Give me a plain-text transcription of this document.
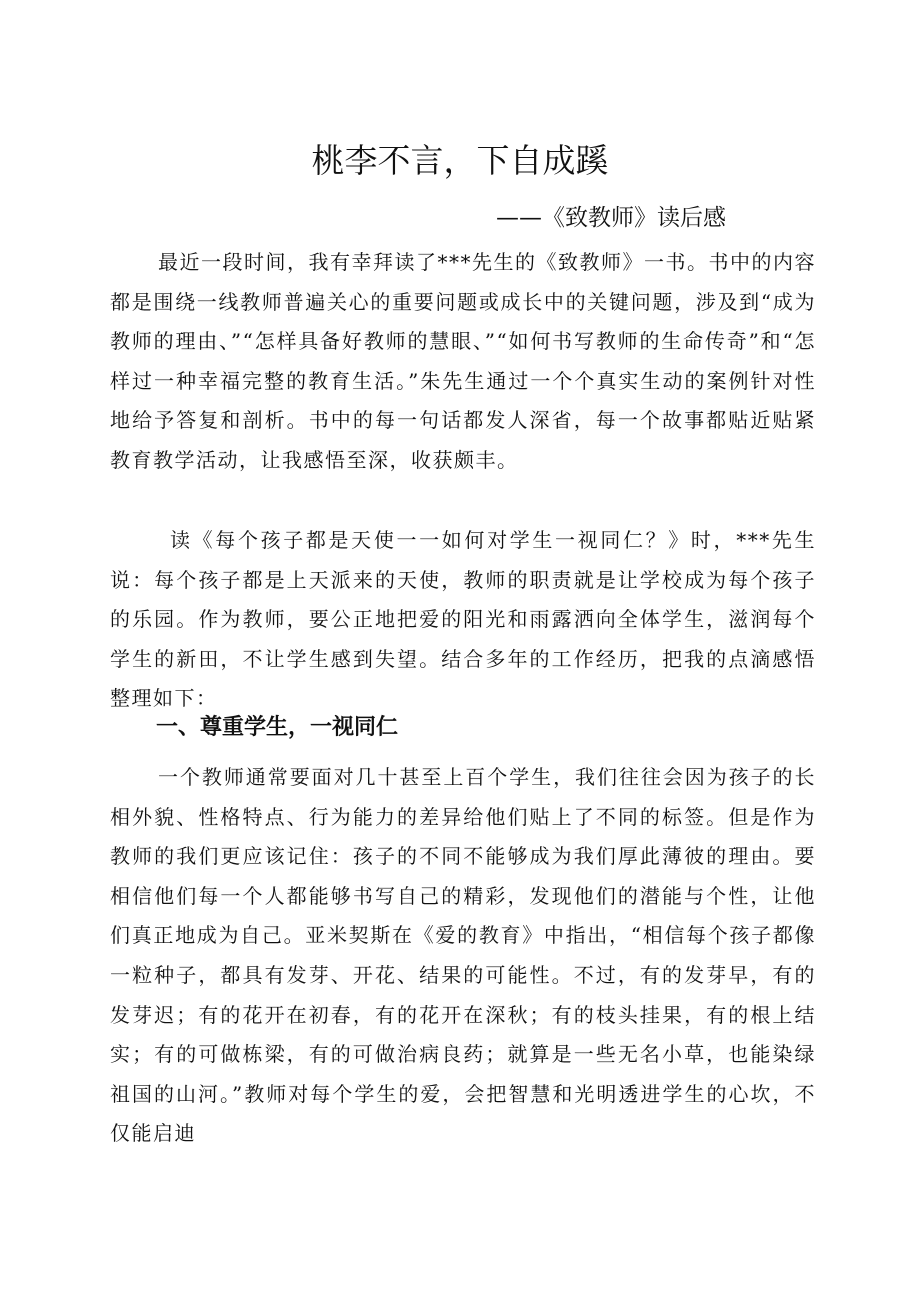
桃李不言，下自成蹊

——《致教师》读后感

最近一段时间，我有幸拜读了***先生的《致教师》一书。书中的内容都是围绕一线教师普遍关心的重要问题或成长中的关键问题，涉及到“成为教师的理由、”“怎样具备好教师的慧眼、”“如何书写教师的生命传奇”和“怎样过一种幸福完整的教育生活。”朱先生通过一个个真实生动的案例针对性地给予答复和剖析。书中的每一句话都发人深省，每一个故事都贴近贴紧教育教学活动，让我感悟至深，收获颇丰。

读《每个孩子都是天使一一如何对学生一视同仁？》时，***先生说：每个孩子都是上天派来的天使，教师的职责就是让学校成为每个孩子的乐园。作为教师，要公正地把爱的阳光和雨露洒向全体学生，滋润每个学生的新田，不让学生感到失望。结合多年的工作经历，把我的点滴感悟整理如下：

一、尊重学生，一视同仁

一个教师通常要面对几十甚至上百个学生，我们往往会因为孩子的长相外貌、性格特点、行为能力的差异给他们贴上了不同的标签。但是作为教师的我们更应该记住：孩子的不同不能够成为我们厚此薄彼的理由。要相信他们每一个人都能够书写自己的精彩，发现他们的潜能与个性，让他们真正地成为自己。亚米契斯在《爱的教育》中指出，“相信每个孩子都像一粒种子，都具有发芽、开花、结果的可能性。不过，有的发芽早，有的发芽迟；有的花开在初春，有的花开在深秋；有的枝头挂果，有的根上结实；有的可做栋梁，有的可做治病良药；就算是一些无名小草，也能染绿祖国的山河。”教师对每个学生的爱，会把智慧和光明透进学生的心坎，不仅能启迪
